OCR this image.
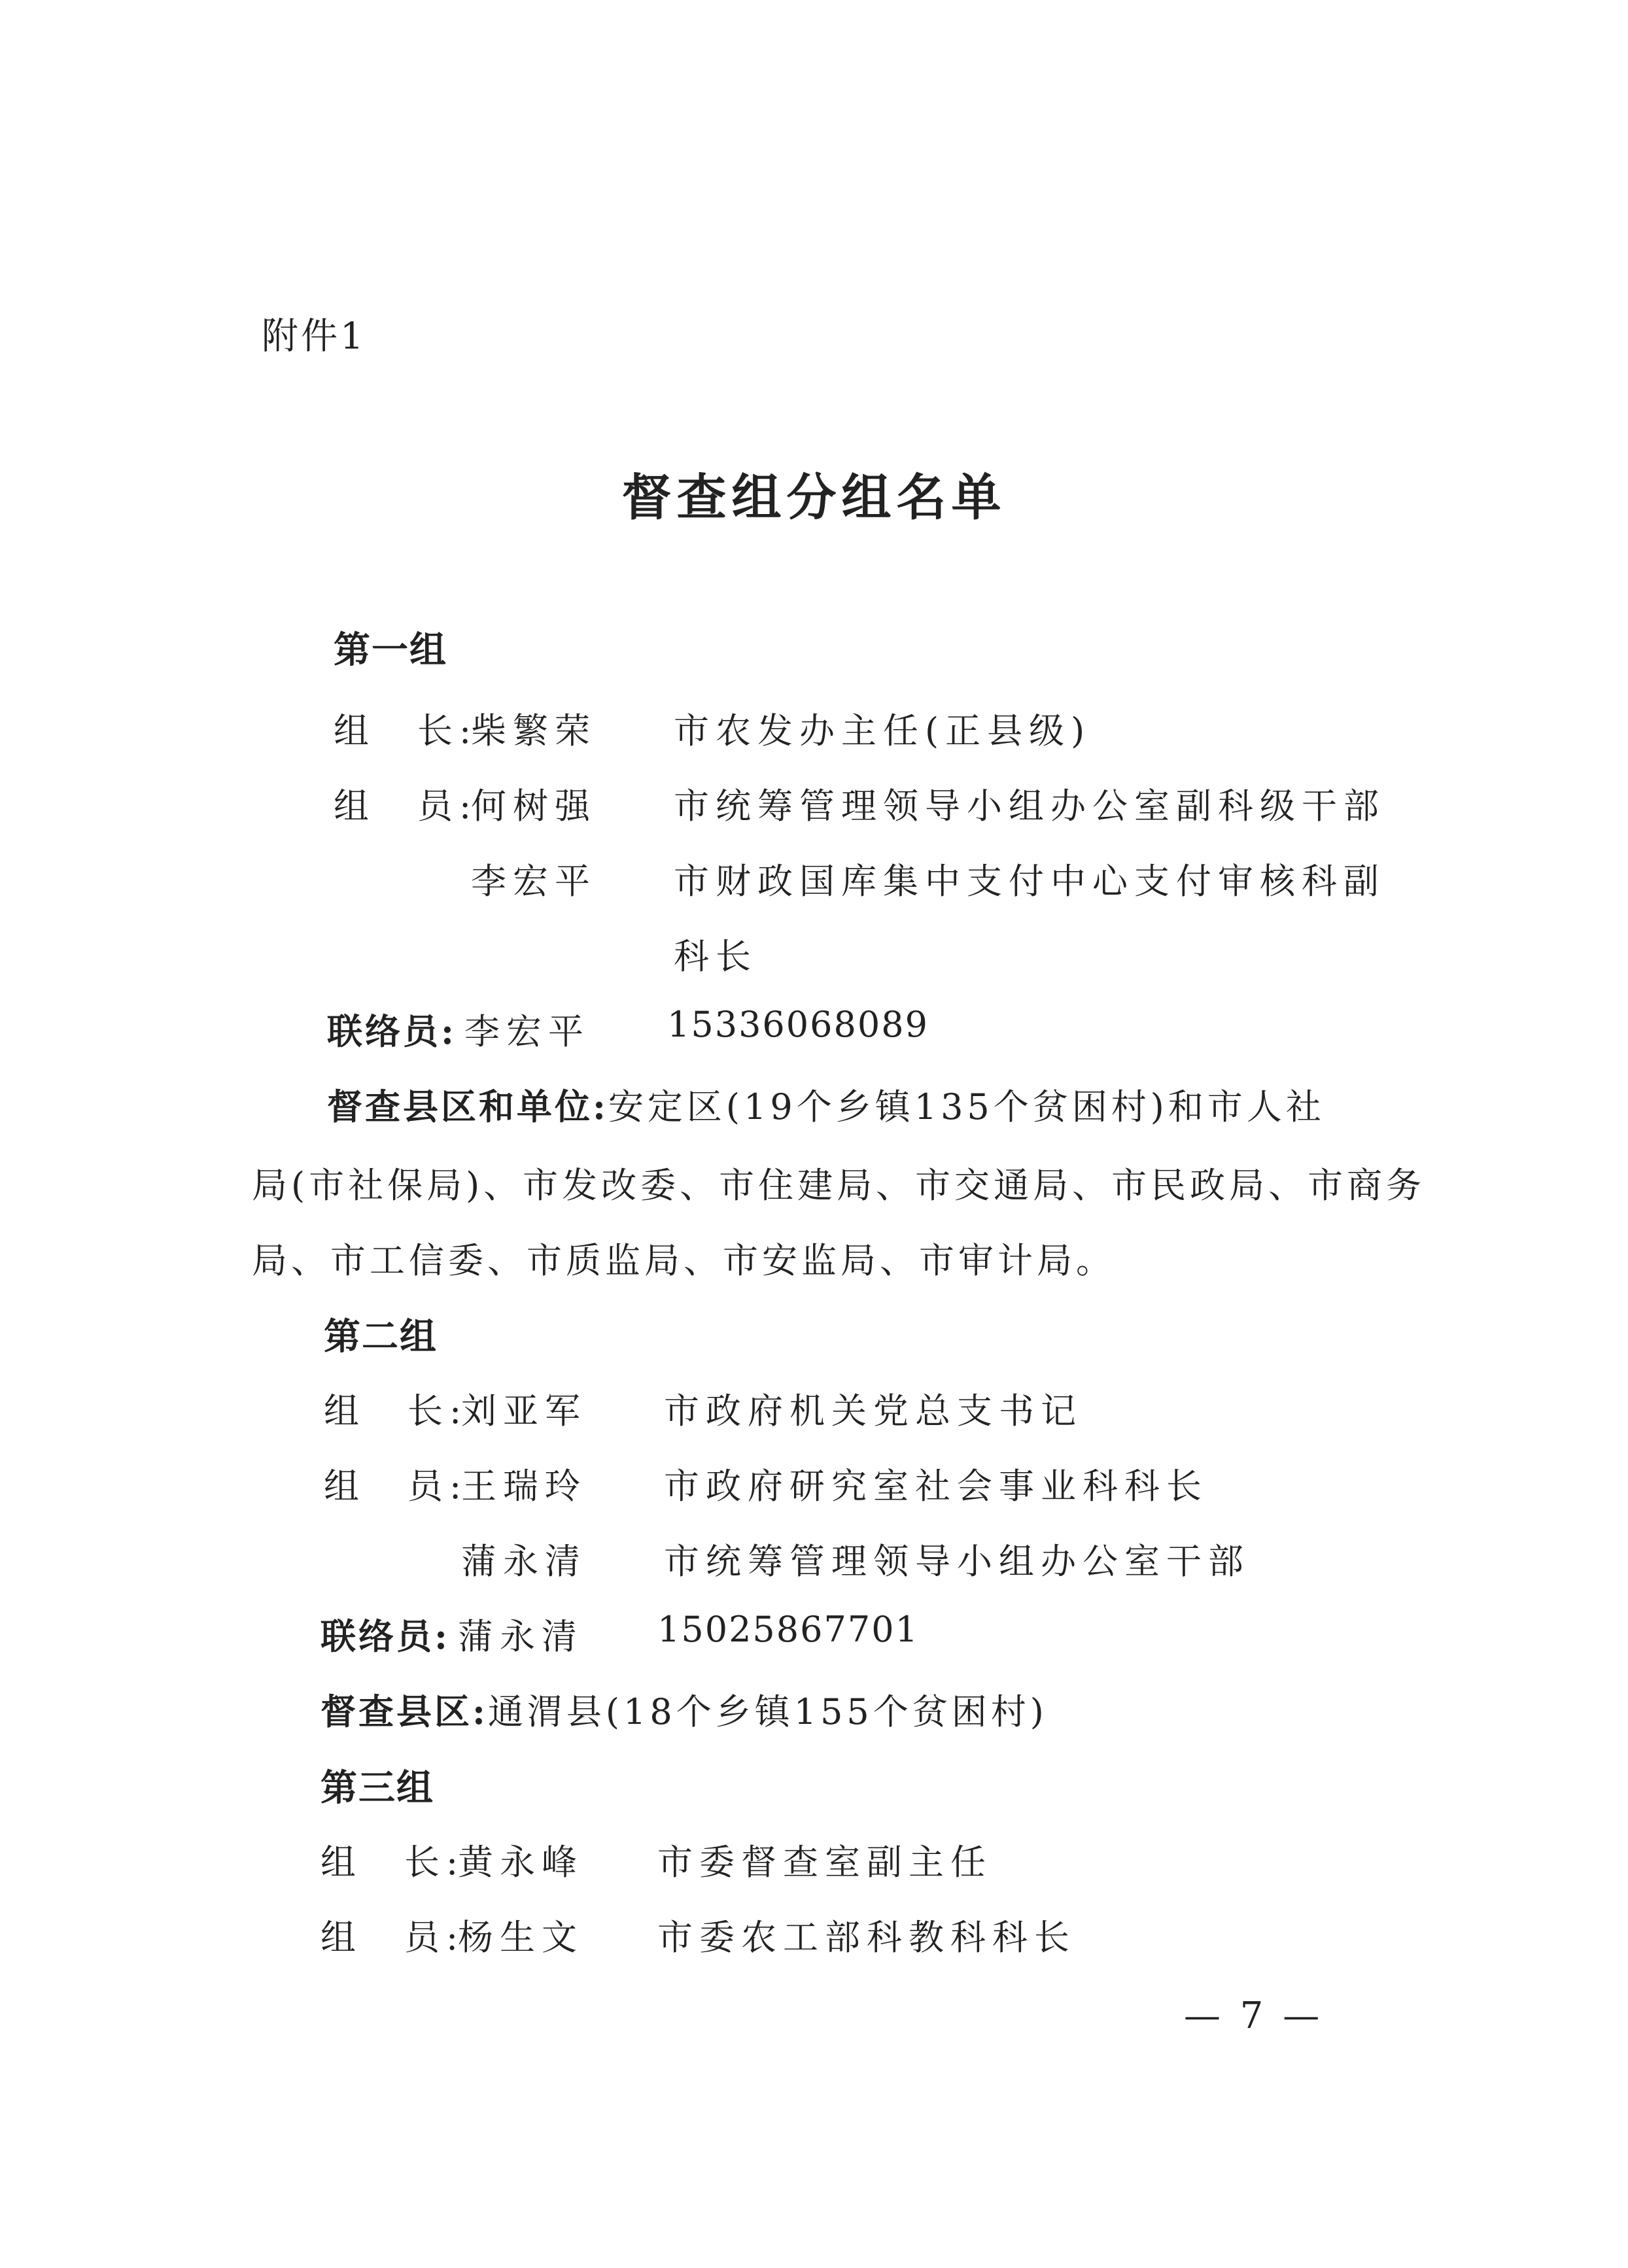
附件1
督查组分组名单
第一组
组　长:
柴繁荣 市农发办主任(正县级)
组　员:
何树强 市统筹管理领导小组办公室副科级干部
李宏平 市财政国库集中支付中心支付审核科副
科长
联络员: 李宏平 15336068089
督查县区和单位:安定区(19个乡镇135个贫困村)和市人社
局(市社保局)、市发改委、市住建局、市交通局、市民政局、市商务
局、市工信委、市质监局、市安监局、市审计局。
第二组
组　长:
刘亚军 市政府机关党总支书记
组　员:
王瑞玲 市政府研究室社会事业科科长
蒲永清 市统筹管理领导小组办公室干部
联络员: 蒲永清 15025867701
督查县区:通渭县(18个乡镇155个贫困村)
第三组
组　长:
黄永峰 市委督查室副主任
组　员:
杨生文 市委农工部科教科科长
— 7 —
